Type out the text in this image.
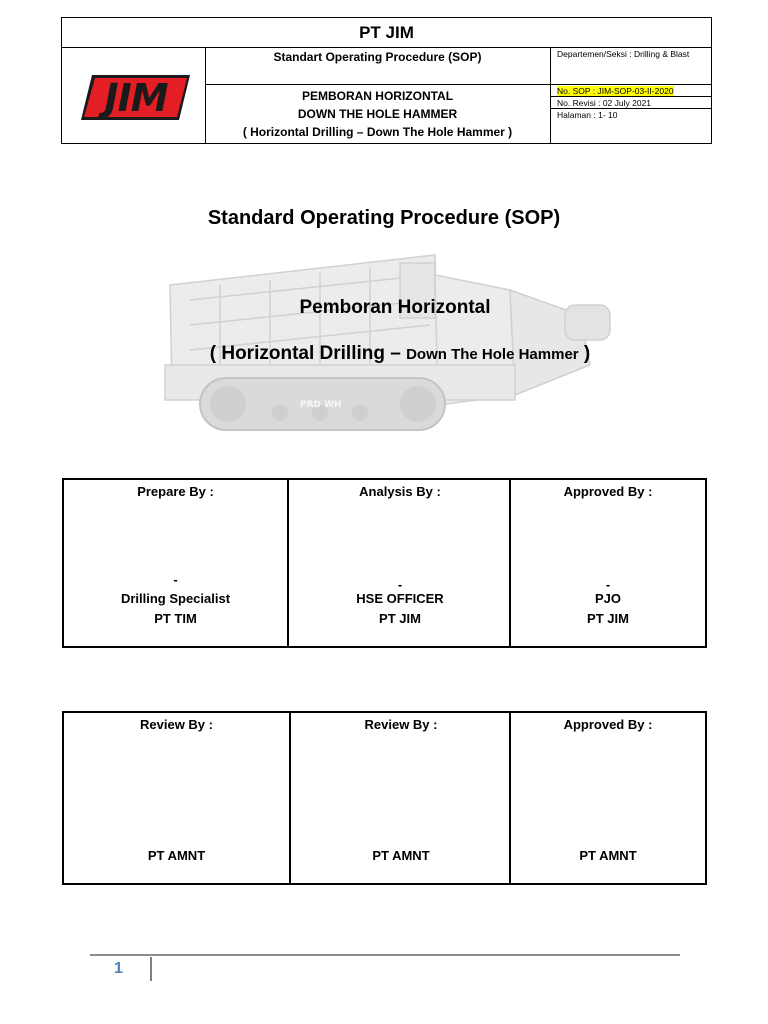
PT JIM
JIM
Standart Operating Procedure (SOP)	Departemen/Seksi : Drilling & Blast
PEMBORAN HORIZONTAL
DOWN THE HOLE HAMMER
( Horizontal Drilling – Down The Hole Hammer )
No. SOP : JIM-SOP-03-II-2020
No. Revisi : 02 July 2021
Halaman : 1- 10
Standard Operating Procedure (SOP)
PRD WH
Pemboran Horizontal
( Horizontal Drilling – Down The Hole Hammer )
Prepare By :
-
Drilling Specialist
PT TIM
Analysis By :
-
HSE OFFICER
PT JIM
Approved By :
-
PJO
PT JIM
Review By :
PT AMNT
Review By :
PT AMNT
Approved By :
PT AMNT
1
